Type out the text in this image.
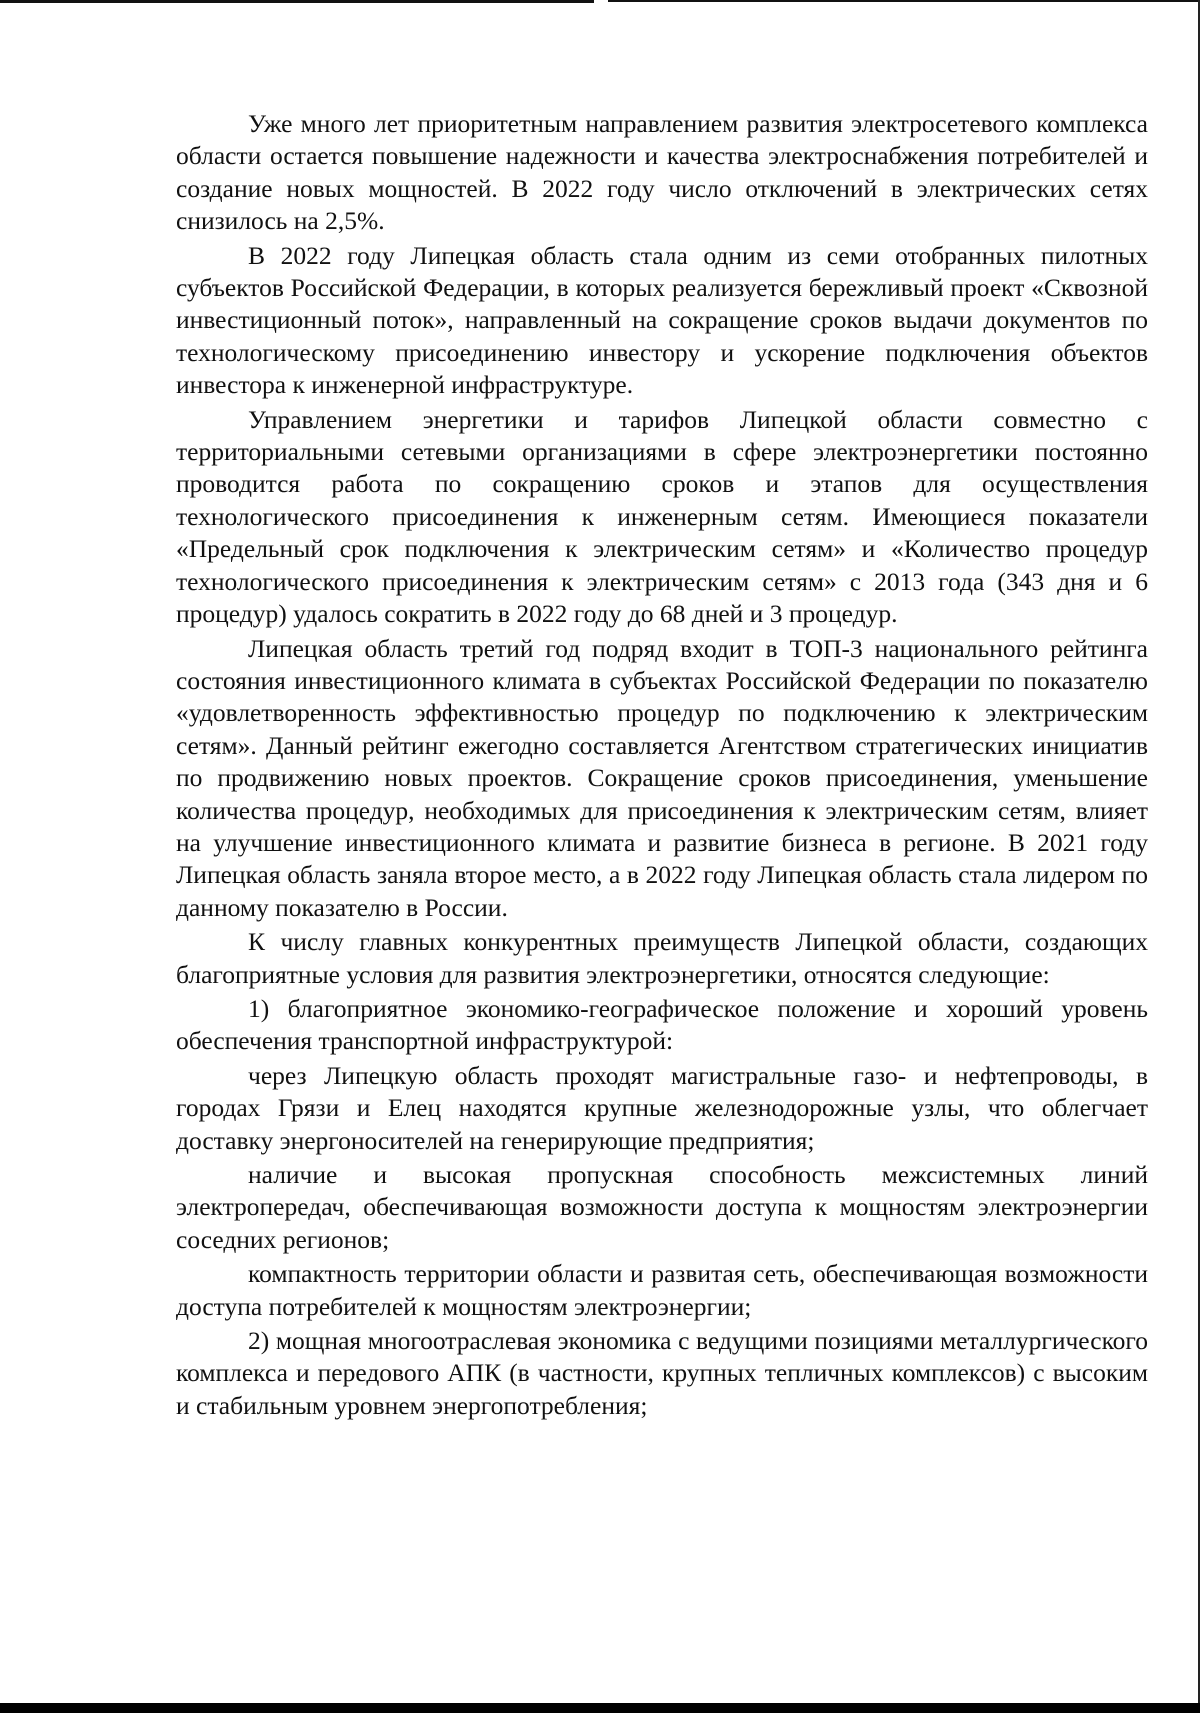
Уже много лет приоритетным направлением развития электросетевого комплекса области остается повышение надежности и качества электроснабжения потребителей и создание новых мощностей. В 2022 году число отключений в электрических сетях снизилось на 2,5%.

В 2022 году Липецкая область стала одним из семи отобранных пилотных субъектов Российской Федерации, в которых реализуется бережливый проект «Сквозной инвестиционный поток», направленный на сокращение сроков выдачи документов по технологическому присоединению инвестору и ускорение подключения объектов инвестора к инженерной инфраструктуре.

Управлением энергетики и тарифов Липецкой области совместно с территориальными сетевыми организациями в сфере электроэнергетики постоянно проводится работа по сокращению сроков и этапов для осуществления технологического присоединения к инженерным сетям. Имеющиеся показатели «Предельный срок подключения к электрическим сетям» и «Количество процедур технологического присоединения к электрическим сетям» с 2013 года (343 дня и 6 процедур) удалось сократить в 2022 году до 68 дней и 3 процедур.

Липецкая область третий год подряд входит в ТОП-3 национального рейтинга состояния инвестиционного климата в субъектах Российской Федерации по показателю «удовлетворенность эффективностью процедур по подключению к электрическим сетям». Данный рейтинг ежегодно составляется Агентством стратегических инициатив по продвижению новых проектов. Сокращение сроков присоединения, уменьшение количества процедур, необходимых для присоединения к электрическим сетям, влияет на улучшение инвестиционного климата и развитие бизнеса в регионе. В 2021 году Липецкая область заняла второе место, а в 2022 году Липецкая область стала лидером по данному показателю в России.

К числу главных конкурентных преимуществ Липецкой области, создающих благоприятные условия для развития электроэнергетики, относятся следующие:

1) благоприятное экономико-географическое положение и хороший уровень обеспечения транспортной инфраструктурой:

через Липецкую область проходят магистральные газо- и нефтепроводы, в городах Грязи и Елец находятся крупные железнодорожные узлы, что облегчает доставку энергоносителей на генерирующие предприятия;

наличие и высокая пропускная способность межсистемных линий электропередач, обеспечивающая возможности доступа к мощностям электроэнергии соседних регионов;

компактность территории области и развитая сеть, обеспечивающая возможности доступа потребителей к мощностям электроэнергии;

2) мощная многоотраслевая экономика с ведущими позициями металлургического комплекса и передового АПК (в частности, крупных тепличных комплексов) с высоким и стабильным уровнем энергопотребления;
